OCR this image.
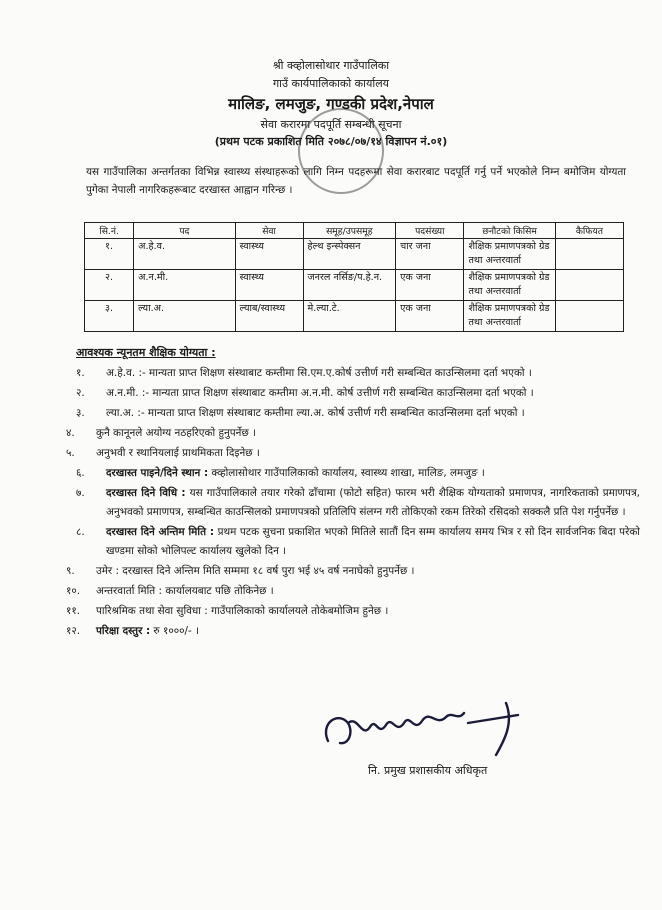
श्री क्व्होलासोथार गाउँपालिका
गाउँ कार्यपालिकाको कार्यालय
मालिङ, लमजुङ, गण्डकी प्रदेश,नेपाल
सेवा करारमा पदपूर्ति सम्बन्धी सूचना
(प्रथम पटक प्रकाशित मिति २०७८/०७/१४ विज्ञापन नं.०१)
यस गाउँपालिका अन्तर्गतका विभिन्न स्वास्थ्य संस्थाहरूको लागि निम्न पदहरूमा सेवा करारबाट पदपूर्ति गर्नु पर्ने भएकोले निम्न बमोजिम योग्यता पुगेका नेपाली नागरिकहरूबाट दरखास्त आह्वान गरिन्छ ।
सि.नं.	पद	सेवा	समूह/उपसमूह	पदसंख्या	छनौटको किसिम	कैफियत
१.	अ.हे.व.	स्वास्थ्य	हेल्थ इन्स्पेक्सन	चार जना	शैक्षिक प्रमाणपत्रको ग्रेड तथा अन्तरवार्ता	
२.	अ.न.मी.	स्वास्थ्य	जनरल नर्सिङ/प.हे.न.	एक जना	शैक्षिक प्रमाणपत्रको ग्रेड तथा अन्तरवार्ता	
३.	ल्या.अ.	ल्याब/स्वास्थ्य	मे.ल्या.टे.	एक जना	शैक्षिक प्रमाणपत्रको ग्रेड तथा अन्तरवार्ता	
आवश्यक न्यूनतम शैक्षिक योग्यता :
१.	अ.हे.व. :- मान्यता प्राप्त शिक्षण संस्थाबाट कम्तीमा सि.एम.ए.कोर्ष उत्तीर्ण गरी सम्बन्धित काउन्सिलमा दर्ता भएको ।
२.	अ.न.मी. :- मान्यता प्राप्त शिक्षण संस्थाबाट कम्तीमा अ.न.मी. कोर्ष उत्तीर्ण गरी सम्बन्धित काउन्सिलमा दर्ता भएको ।
३.	ल्या.अ. :- मान्यता प्राप्त शिक्षण संस्थाबाट कम्तीमा ल्या.अ. कोर्ष उत्तीर्ण गरी सम्बन्धित काउन्सिलमा दर्ता भएको ।
४.	कुनै कानूनले अयोग्य नठहरिएको हुनुपर्नेछ ।
५.	अनुभवी र स्थानियलाई प्राथमिकता दिइनेछ ।
६.	दरखास्त पाइने/दिने स्थान : क्व्होलासोथार गाउँपालिकाको कार्यालय, स्वास्थ्य शाखा, मालिङ, लमजुङ ।
७.	दरखास्त दिने विधि : यस गाउँपालिकाले तयार गरेको ढाँचामा (फोटो सहित) फारम भरी शैक्षिक योग्यताको प्रमाणपत्र, नागरिकताको प्रमाणपत्र, अनुभवको प्रमाणपत्र, सम्बन्धित काउन्सिलको प्रमाणपत्रको प्रतिलिपि संलग्न गरी तोकिएको रकम तिरेको रसिदको सक्कलै प्रति पेश गर्नुपर्नेछ ।
८.	दरखास्त दिने अन्तिम मिति : प्रथम पटक सुचना प्रकाशित भएको मितिले सातौं दिन सम्म कार्यालय समय भित्र र सो दिन सार्वजनिक बिदा परेको खण्डमा सोको भोलिपल्ट कार्यालय खुलेको दिन ।
९.	उमेर : दरखास्त दिने अन्तिम मिति सम्ममा १८ वर्ष पुरा भई ४५ वर्ष ननाघेको हुनुपर्नेछ ।
१०.	अन्तरवार्ता मिति : कार्यालयबाट पछि तोकिनेछ ।
११.	पारिश्रमिक तथा सेवा सुविधा : गाउँपालिकाको कार्यालयले तोकेबमोजिम हुनेछ ।
१२.	परिक्षा दस्तुर : रु १०००/- ।
नि. प्रमुख प्रशासकीय अधिकृत
